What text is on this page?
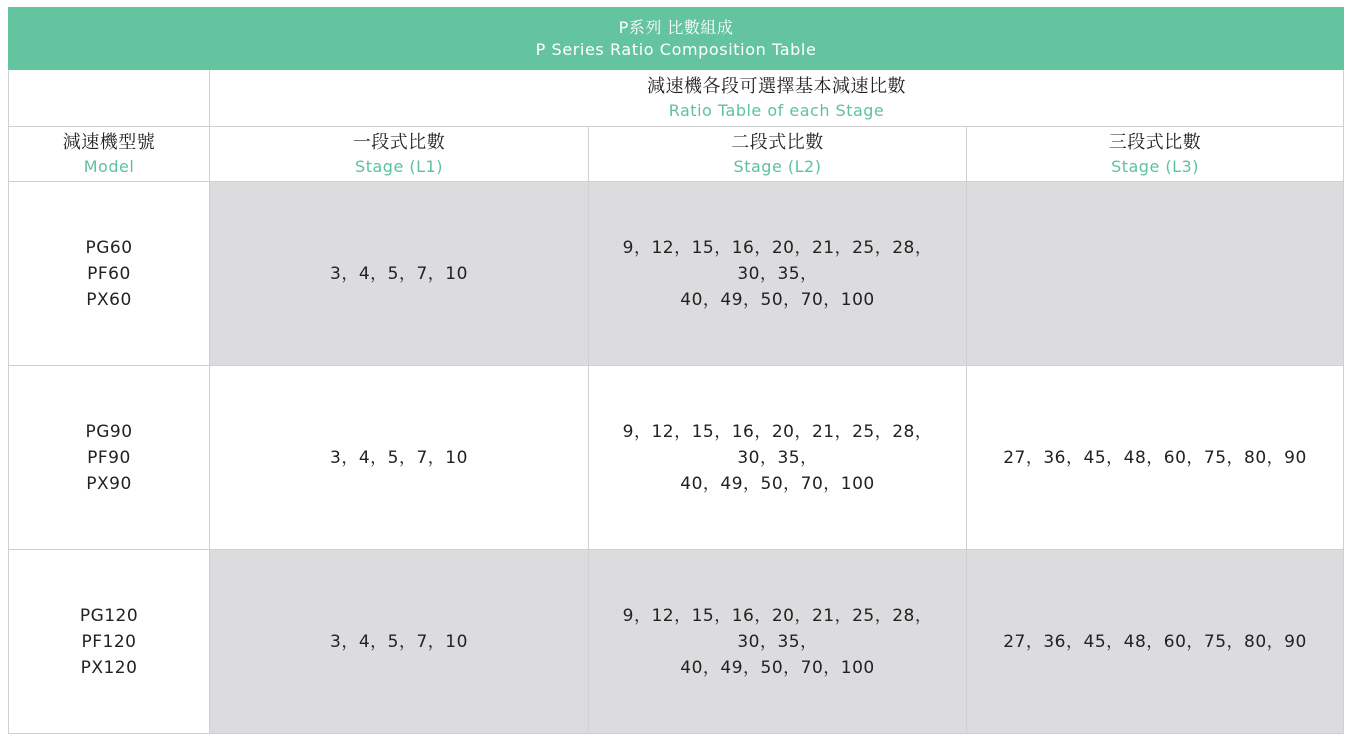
P系列 比數組成
P Series Ratio Composition Table			

	減速機各段可選擇基本減速比數
Ratio Table of each Stage		

減速機型號
Model	一段式比數
Stage (L1)	二段式比數
Stage (L2)	三段式比數
Stage (L3)

PG60
PF60
PX60	3，4，5，7，10	9，12，15，16，20，21，25，28，
30，35，
40，49，50，70，100	

PG90
PF90
PX90	3，4，5，7，10	9，12，15，16，20，21，25，28，
30，35，
40，49，50，70，100	27，36，45，48，60，75，80，90

PG120
PF120
PX120	3，4，5，7，10	9，12，15，16，20，21，25，28，
30，35，
40，49，50，70，100	27，36，45，48，60，75，80，90
